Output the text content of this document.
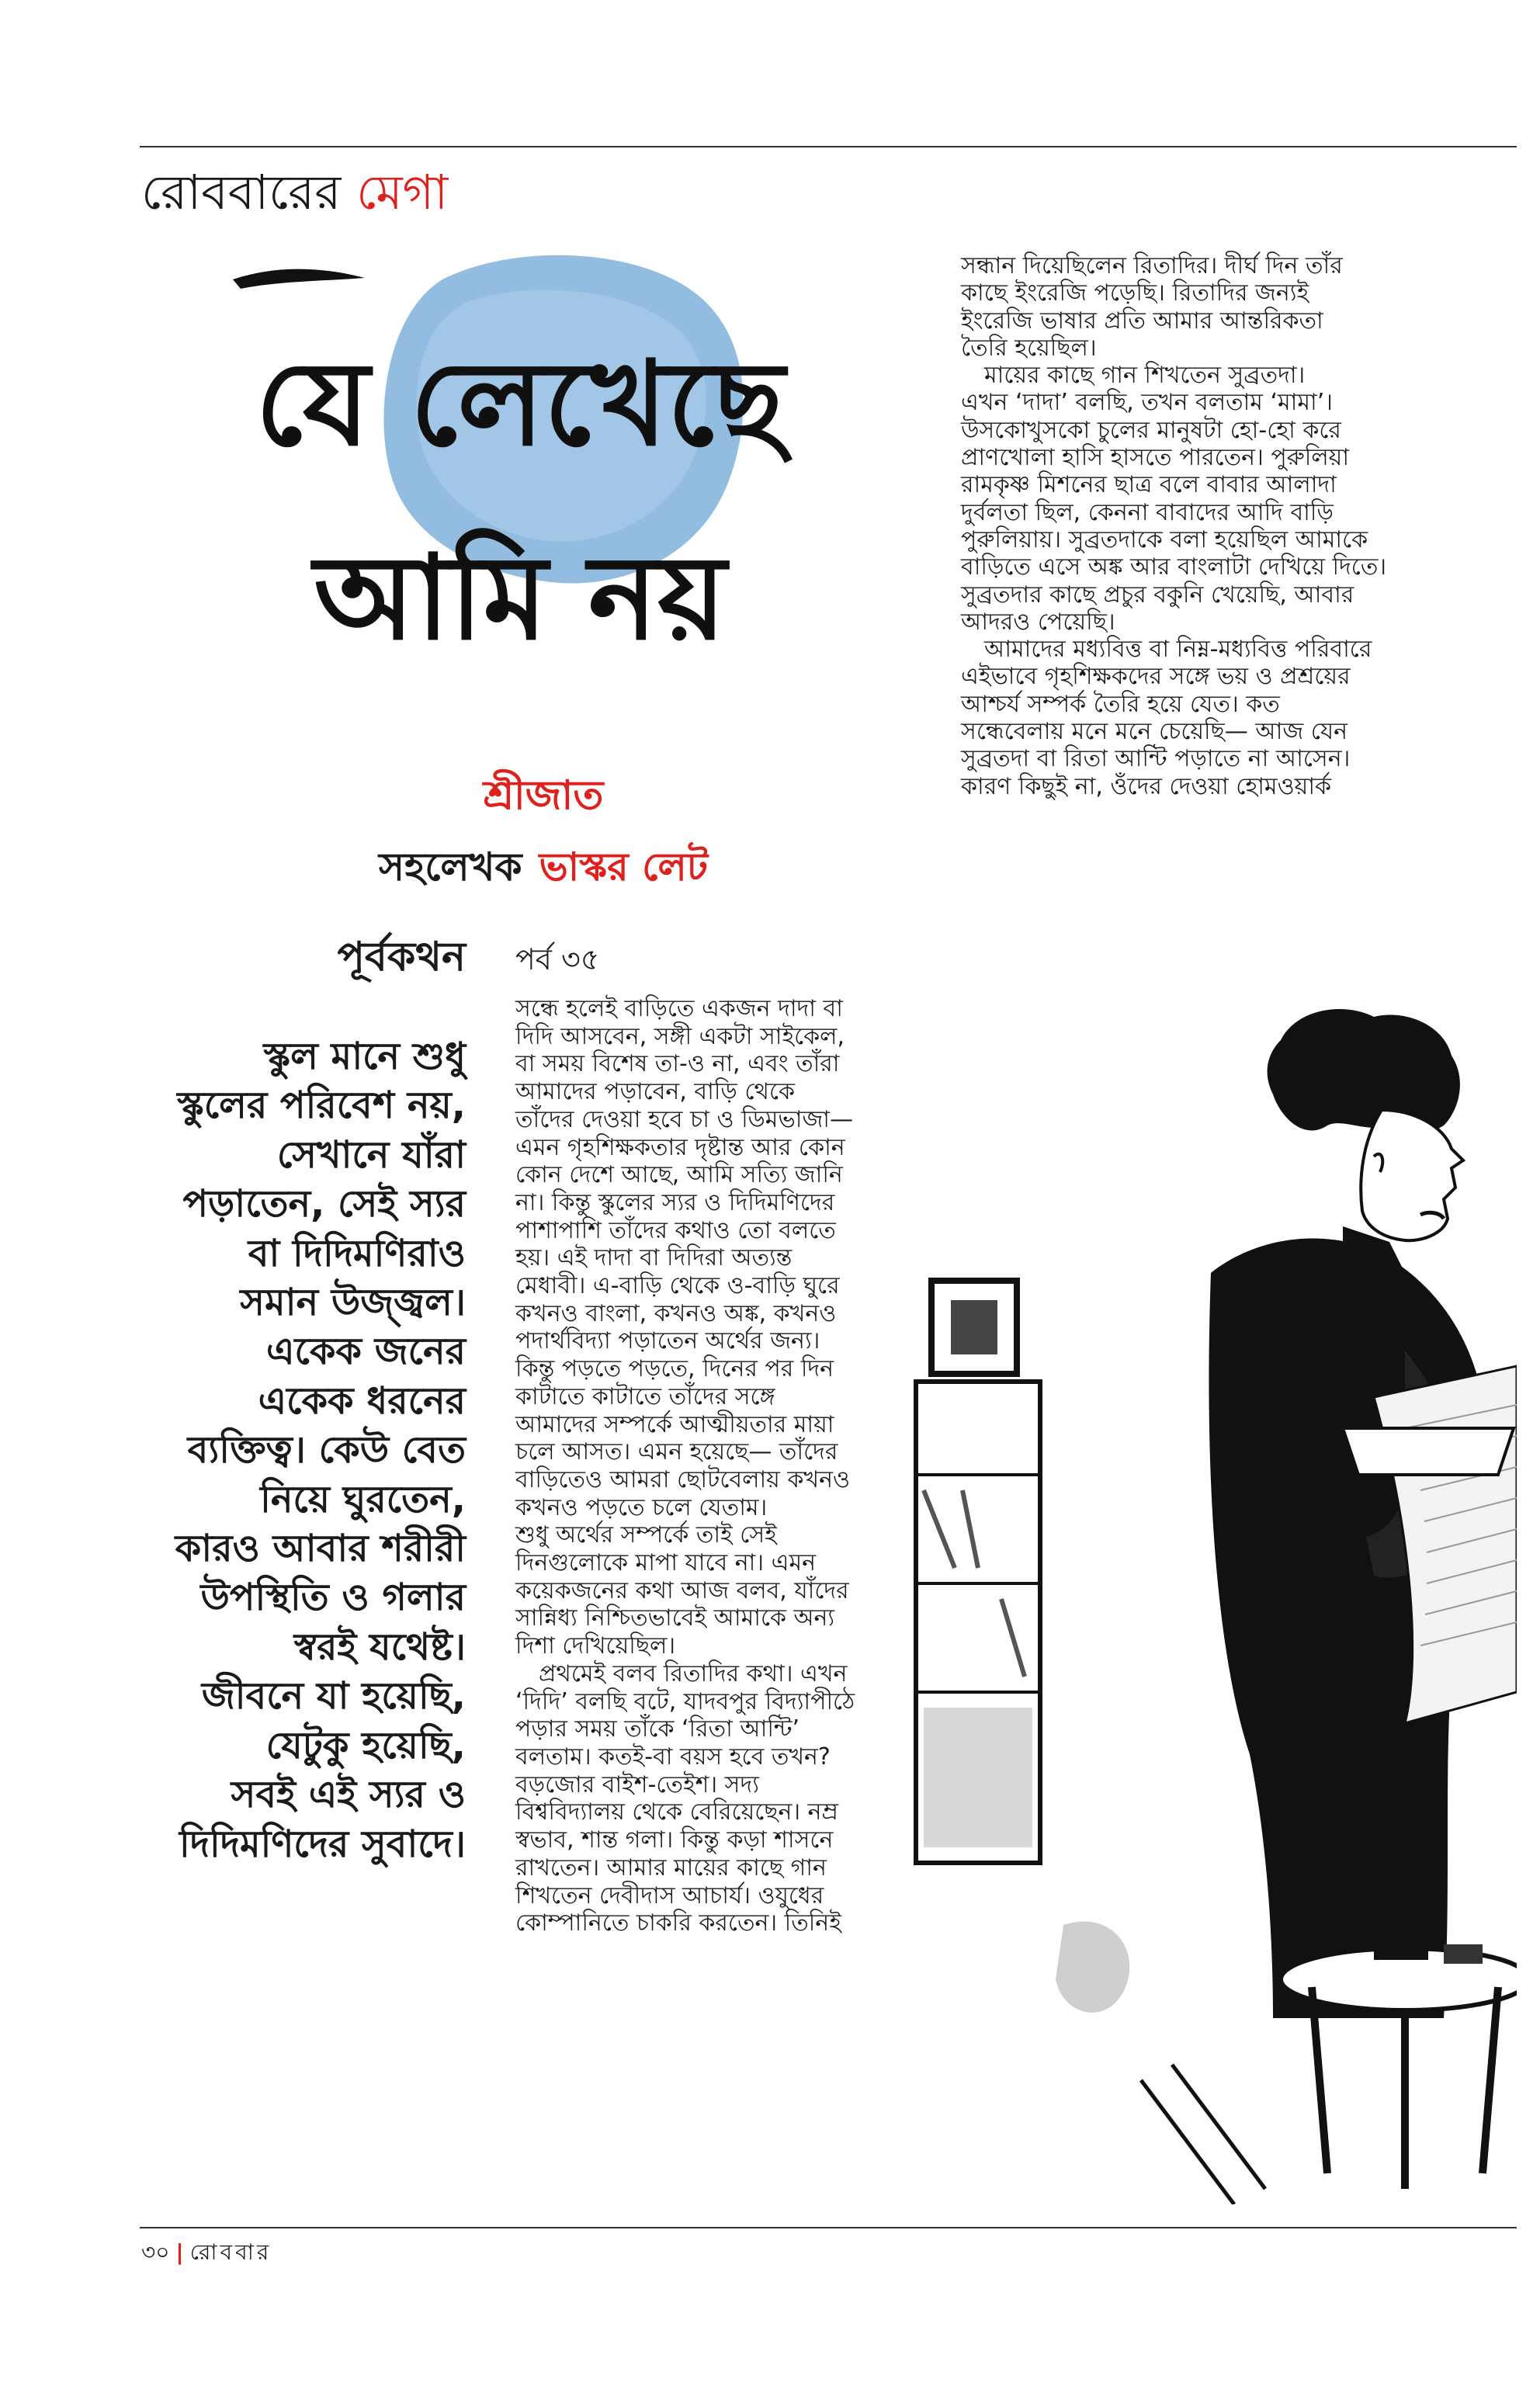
রোববারের মেগা
যে লেখেছে
আমি নয়
শ্রীজাত
সহলেখক ভাস্কর লেট
পূর্বকথন পর্ব ৩৫
স্কুল মানে শুধু
স্কুলের পরিবেশ নয়,
সেখানে যাঁরা
পড়াতেন, সেই স্যর
বা দিদিমণিরাও
সমান উজ্জ্বল।
একেক জনের
একেক ধরনের
ব্যক্তিত্ব। কেউ বেত
নিয়ে ঘুরতেন,
কারও আবার শরীরী
উপস্থিতি ও গলার
স্বরই যথেষ্ট।
জীবনে যা হয়েছি,
যেটুকু হয়েছি,
সবই এই স্যর ও
দিদিমণিদের সুবাদে।
সন্ধে হলেই বাড়িতে একজন দাদা বা
দিদি আসবেন, সঙ্গী একটা সাইকেল,
বা সময় বিশেষ তা-ও না, এবং তাঁরা
আমাদের পড়াবেন, বাড়ি থেকে
তাঁদের দেওয়া হবে চা ও ডিমভাজা—
এমন গৃহশিক্ষকতার দৃষ্টান্ত আর কোন
কোন দেশে আছে, আমি সত্যি জানি
না। কিন্তু স্কুলের স্যর ও দিদিমণিদের
পাশাপাশি তাঁদের কথাও তো বলতে
হয়। এই দাদা বা দিদিরা অত্যন্ত
মেধাবী। এ-বাড়ি থেকে ও-বাড়ি ঘুরে
কখনও বাংলা, কখনও অঙ্ক, কখনও
পদার্থবিদ্যা পড়াতেন অর্থের জন্য।
কিন্তু পড়তে পড়তে, দিনের পর দিন
কাটাতে কাটাতে তাঁদের সঙ্গে
আমাদের সম্পর্কে আত্মীয়তার মায়া
চলে আসত। এমন হয়েছে— তাঁদের
বাড়িতেও আমরা ছোটবেলায় কখনও
কখনও পড়তে চলে যেতাম।
শুধু অর্থের সম্পর্কে তাই সেই
দিনগুলোকে মাপা যাবে না। এমন
কয়েকজনের কথা আজ বলব, যাঁদের
সান্নিধ্য নিশ্চিতভাবেই আমাকে অন্য
দিশা দেখিয়েছিল।
প্রথমেই বলব রিতাদির কথা। এখন
‘দিদি’ বলছি বটে, যাদবপুর বিদ্যাপীঠে
পড়ার সময় তাঁকে ‘রিতা আন্টি’
বলতাম। কতই-বা বয়স হবে তখন?
বড়জোর বাইশ-তেইশ। সদ্য
বিশ্ববিদ্যালয় থেকে বেরিয়েছেন। নম্র
স্বভাব, শান্ত গলা। কিন্তু কড়া শাসনে
রাখতেন। আমার মায়ের কাছে গান
শিখতেন দেবীদাস আচার্য। ওযুধের
কোম্পানিতে চাকরি করতেন। তিনিই
সন্ধান দিয়েছিলেন রিতাদির। দীর্ঘ দিন তাঁর
কাছে ইংরেজি পড়েছি। রিতাদির জন্যই
ইংরেজি ভাষার প্রতি আমার আন্তরিকতা
তৈরি হয়েছিল।
মায়ের কাছে গান শিখতেন সুব্রতদা।
এখন ‘দাদা’ বলছি, তখন বলতাম ‘মামা’।
উসকোখুসকো চুলের মানুষটা হো-হো করে
প্রাণখোলা হাসি হাসতে পারতেন। পুরুলিয়া
রামকৃষ্ণ মিশনের ছাত্র বলে বাবার আলাদা
দুর্বলতা ছিল, কেননা বাবাদের আদি বাড়ি
পুরুলিয়ায়। সুব্রতদাকে বলা হয়েছিল আমাকে
বাড়িতে এসে অঙ্ক আর বাংলাটা দেখিয়ে দিতে।
সুব্রতদার কাছে প্রচুর বকুনি খেয়েছি, আবার
আদরও পেয়েছি।
আমাদের মধ্যবিত্ত বা নিম্ন-মধ্যবিত্ত পরিবারে
এইভাবে গৃহশিক্ষকদের সঙ্গে ভয় ও প্রশ্রয়ের
আশ্চর্য সম্পর্ক তৈরি হয়ে যেত। কত
সন্ধেবেলায় মনে মনে চেয়েছি— আজ যেন
সুব্রতদা বা রিতা আন্টি পড়াতে না আসেন।
কারণ কিছুই না, ওঁদের দেওয়া হোমওয়ার্ক
৩০ | রোববার
